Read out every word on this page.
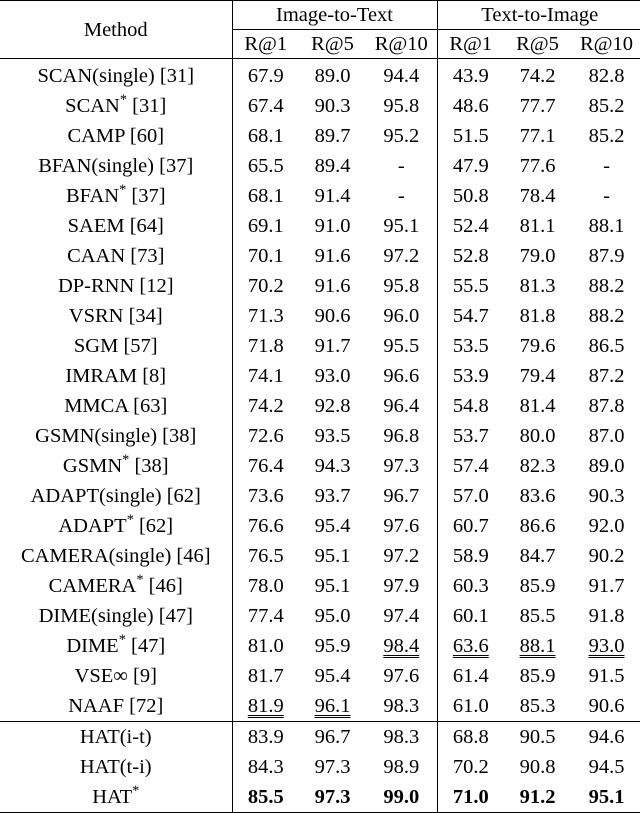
Method	Image-to-Text			Text-to-Image		
	R@1	R@5	R@10	R@1	R@5	R@10
SCAN(single) [31]	67.9	89.0	94.4	43.9	74.2	82.8
SCAN* [31]	67.4	90.3	95.8	48.6	77.7	85.2
CAMP [60]	68.1	89.7	95.2	51.5	77.1	85.2
BFAN(single) [37]	65.5	89.4	-	47.9	77.6	-
BFAN* [37]	68.1	91.4	-	50.8	78.4	-
SAEM [64]	69.1	91.0	95.1	52.4	81.1	88.1
CAAN [73]	70.1	91.6	97.2	52.8	79.0	87.9
DP-RNN [12]	70.2	91.6	95.8	55.5	81.3	88.2
VSRN [34]	71.3	90.6	96.0	54.7	81.8	88.2
SGM [57]	71.8	91.7	95.5	53.5	79.6	86.5
IMRAM [8]	74.1	93.0	96.6	53.9	79.4	87.2
MMCA [63]	74.2	92.8	96.4	54.8	81.4	87.8
GSMN(single) [38]	72.6	93.5	96.8	53.7	80.0	87.0
GSMN* [38]	76.4	94.3	97.3	57.4	82.3	89.0
ADAPT(single) [62]	73.6	93.7	96.7	57.0	83.6	90.3
ADAPT* [62]	76.6	95.4	97.6	60.7	86.6	92.0
CAMERA(single) [46]	76.5	95.1	97.2	58.9	84.7	90.2
CAMERA* [46]	78.0	95.1	97.9	60.3	85.9	91.7
DIME(single) [47]	77.4	95.0	97.4	60.1	85.5	91.8
DIME* [47]	81.0	95.9	98.4	63.6	88.1	93.0
VSE∞ [9]	81.7	95.4	97.6	61.4	85.9	91.5
NAAF [72]	81.9	96.1	98.3	61.0	85.3	90.6
HAT(i-t)	83.9	96.7	98.3	68.8	90.5	94.6
HAT(t-i)	84.3	97.3	98.9	70.2	90.8	94.5
HAT*	85.5	97.3	99.0	71.0	91.2	95.1
